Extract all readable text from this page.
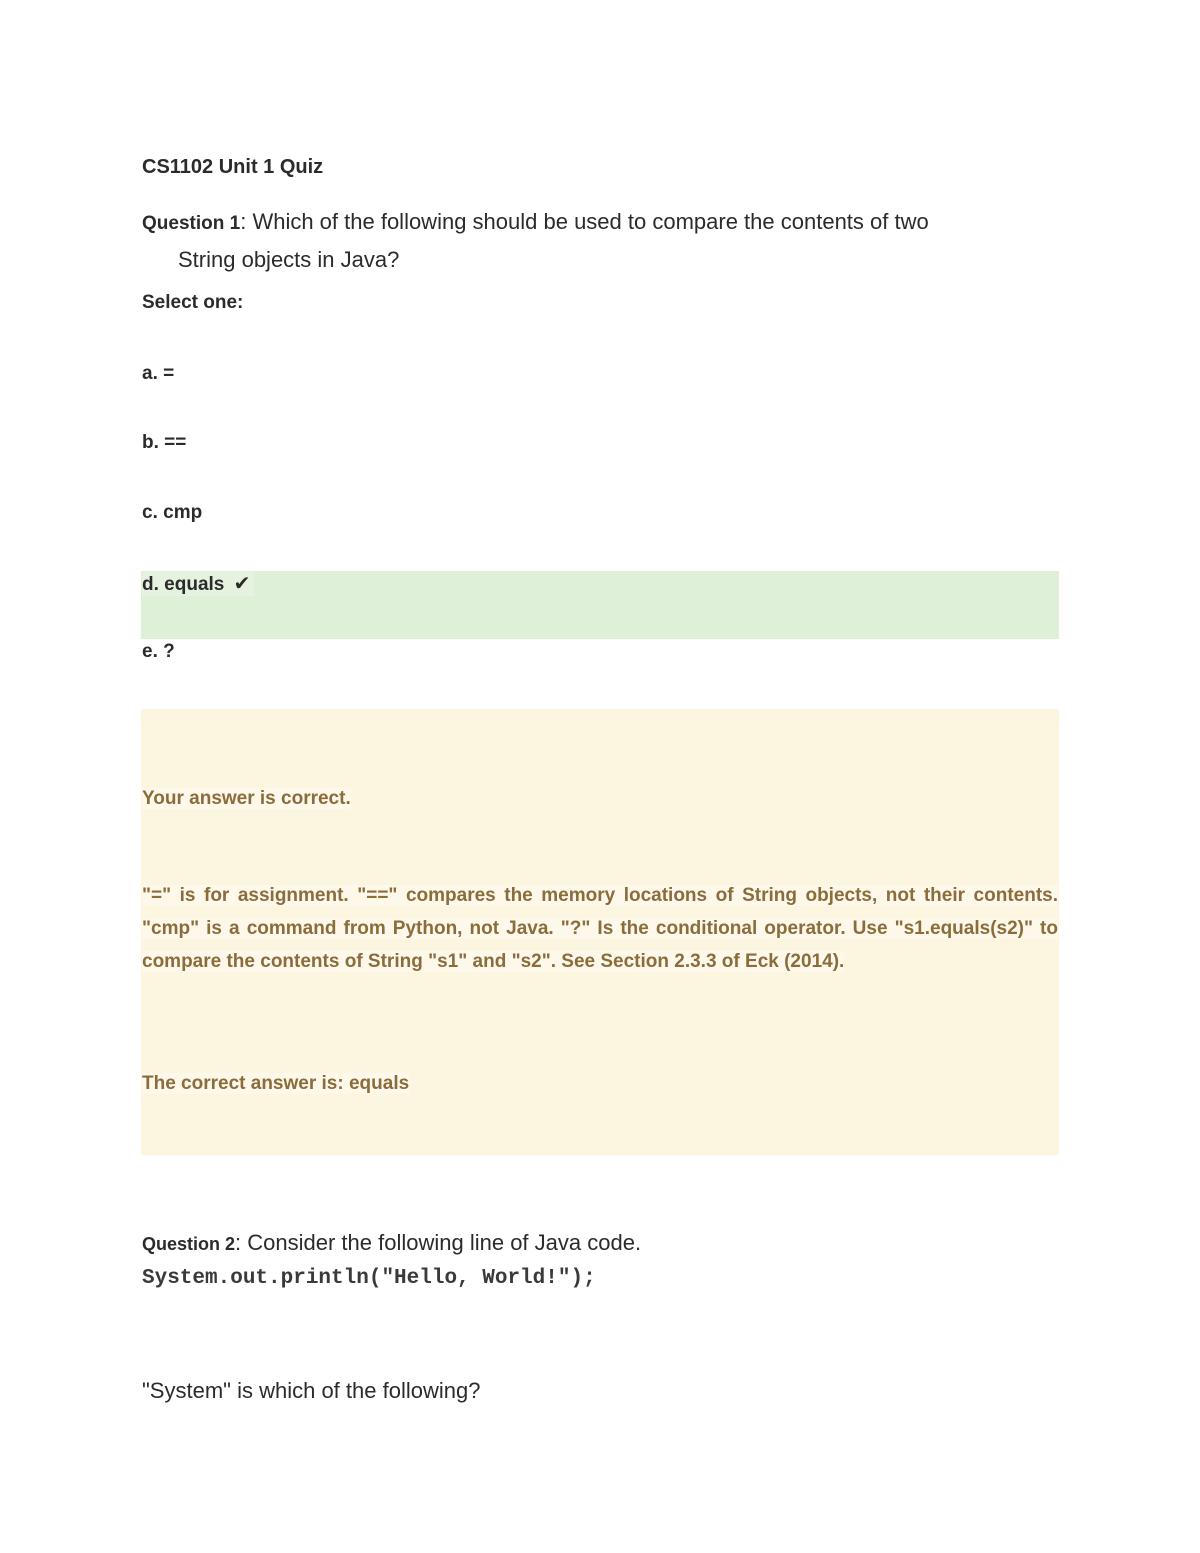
CS1102 Unit 1 Quiz
Question 1: Which of the following should be used to compare the contents of two
String objects in Java?
Select one:
a. =
b. ==
c. cmp
d. equals ✔
e. ?
Your answer is correct.
"=" is for assignment. "==" compares the memory locations of String objects, not their contents. "cmp" is a command from Python, not Java. "?" Is the conditional operator. Use "s1.equals(s2)" to compare the contents of String "s1" and "s2". See Section 2.3.3 of Eck (2014).
The correct answer is: equals
Question 2: Consider the following line of Java code.
System.out.println("Hello, World!");
"System" is which of the following?
